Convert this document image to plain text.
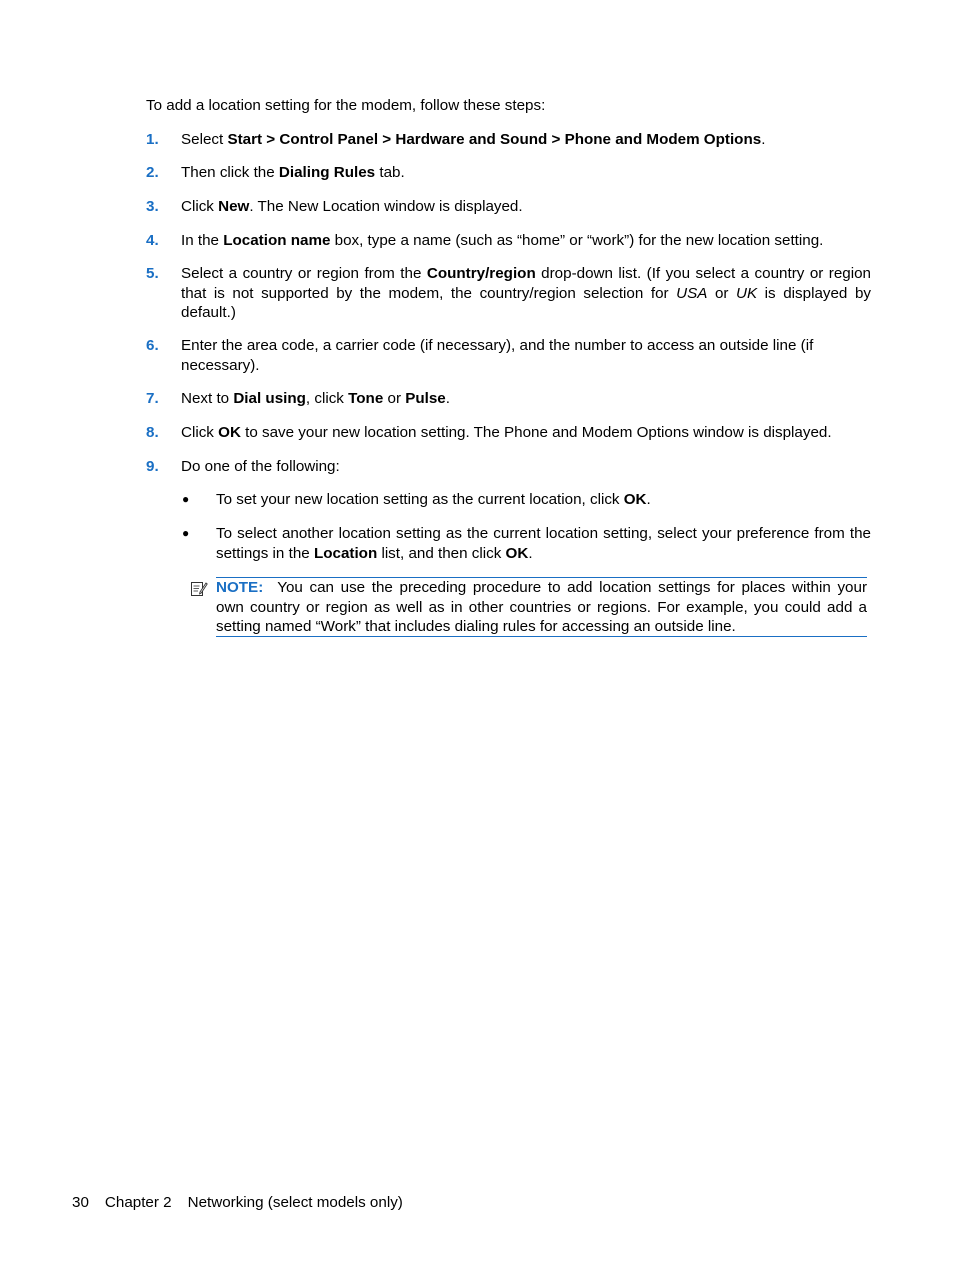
To add a location setting for the modem, follow these steps:
1. Select Start > Control Panel > Hardware and Sound > Phone and Modem Options.
2. Then click the Dialing Rules tab.
3. Click New. The New Location window is displayed.
4. In the Location name box, type a name (such as “home” or “work”) for the new location setting.
5. Select a country or region from the Country/region drop-down list. (If you select a country or region that is not supported by the modem, the country/region selection for USA or UK is displayed by default.)
6. Enter the area code, a carrier code (if necessary), and the number to access an outside line (if necessary).
7. Next to Dial using, click Tone or Pulse.
8. Click OK to save your new location setting. The Phone and Modem Options window is displayed.
9. Do one of the following:
● To set your new location setting as the current location, click OK.
● To select another location setting as the current location setting, select your preference from the settings in the Location list, and then click OK.
NOTE: You can use the preceding procedure to add location settings for places within your own country or region as well as in other countries or regions. For example, you could add a setting named “Work” that includes dialing rules for accessing an outside line.
30 Chapter 2 Networking (select models only)
